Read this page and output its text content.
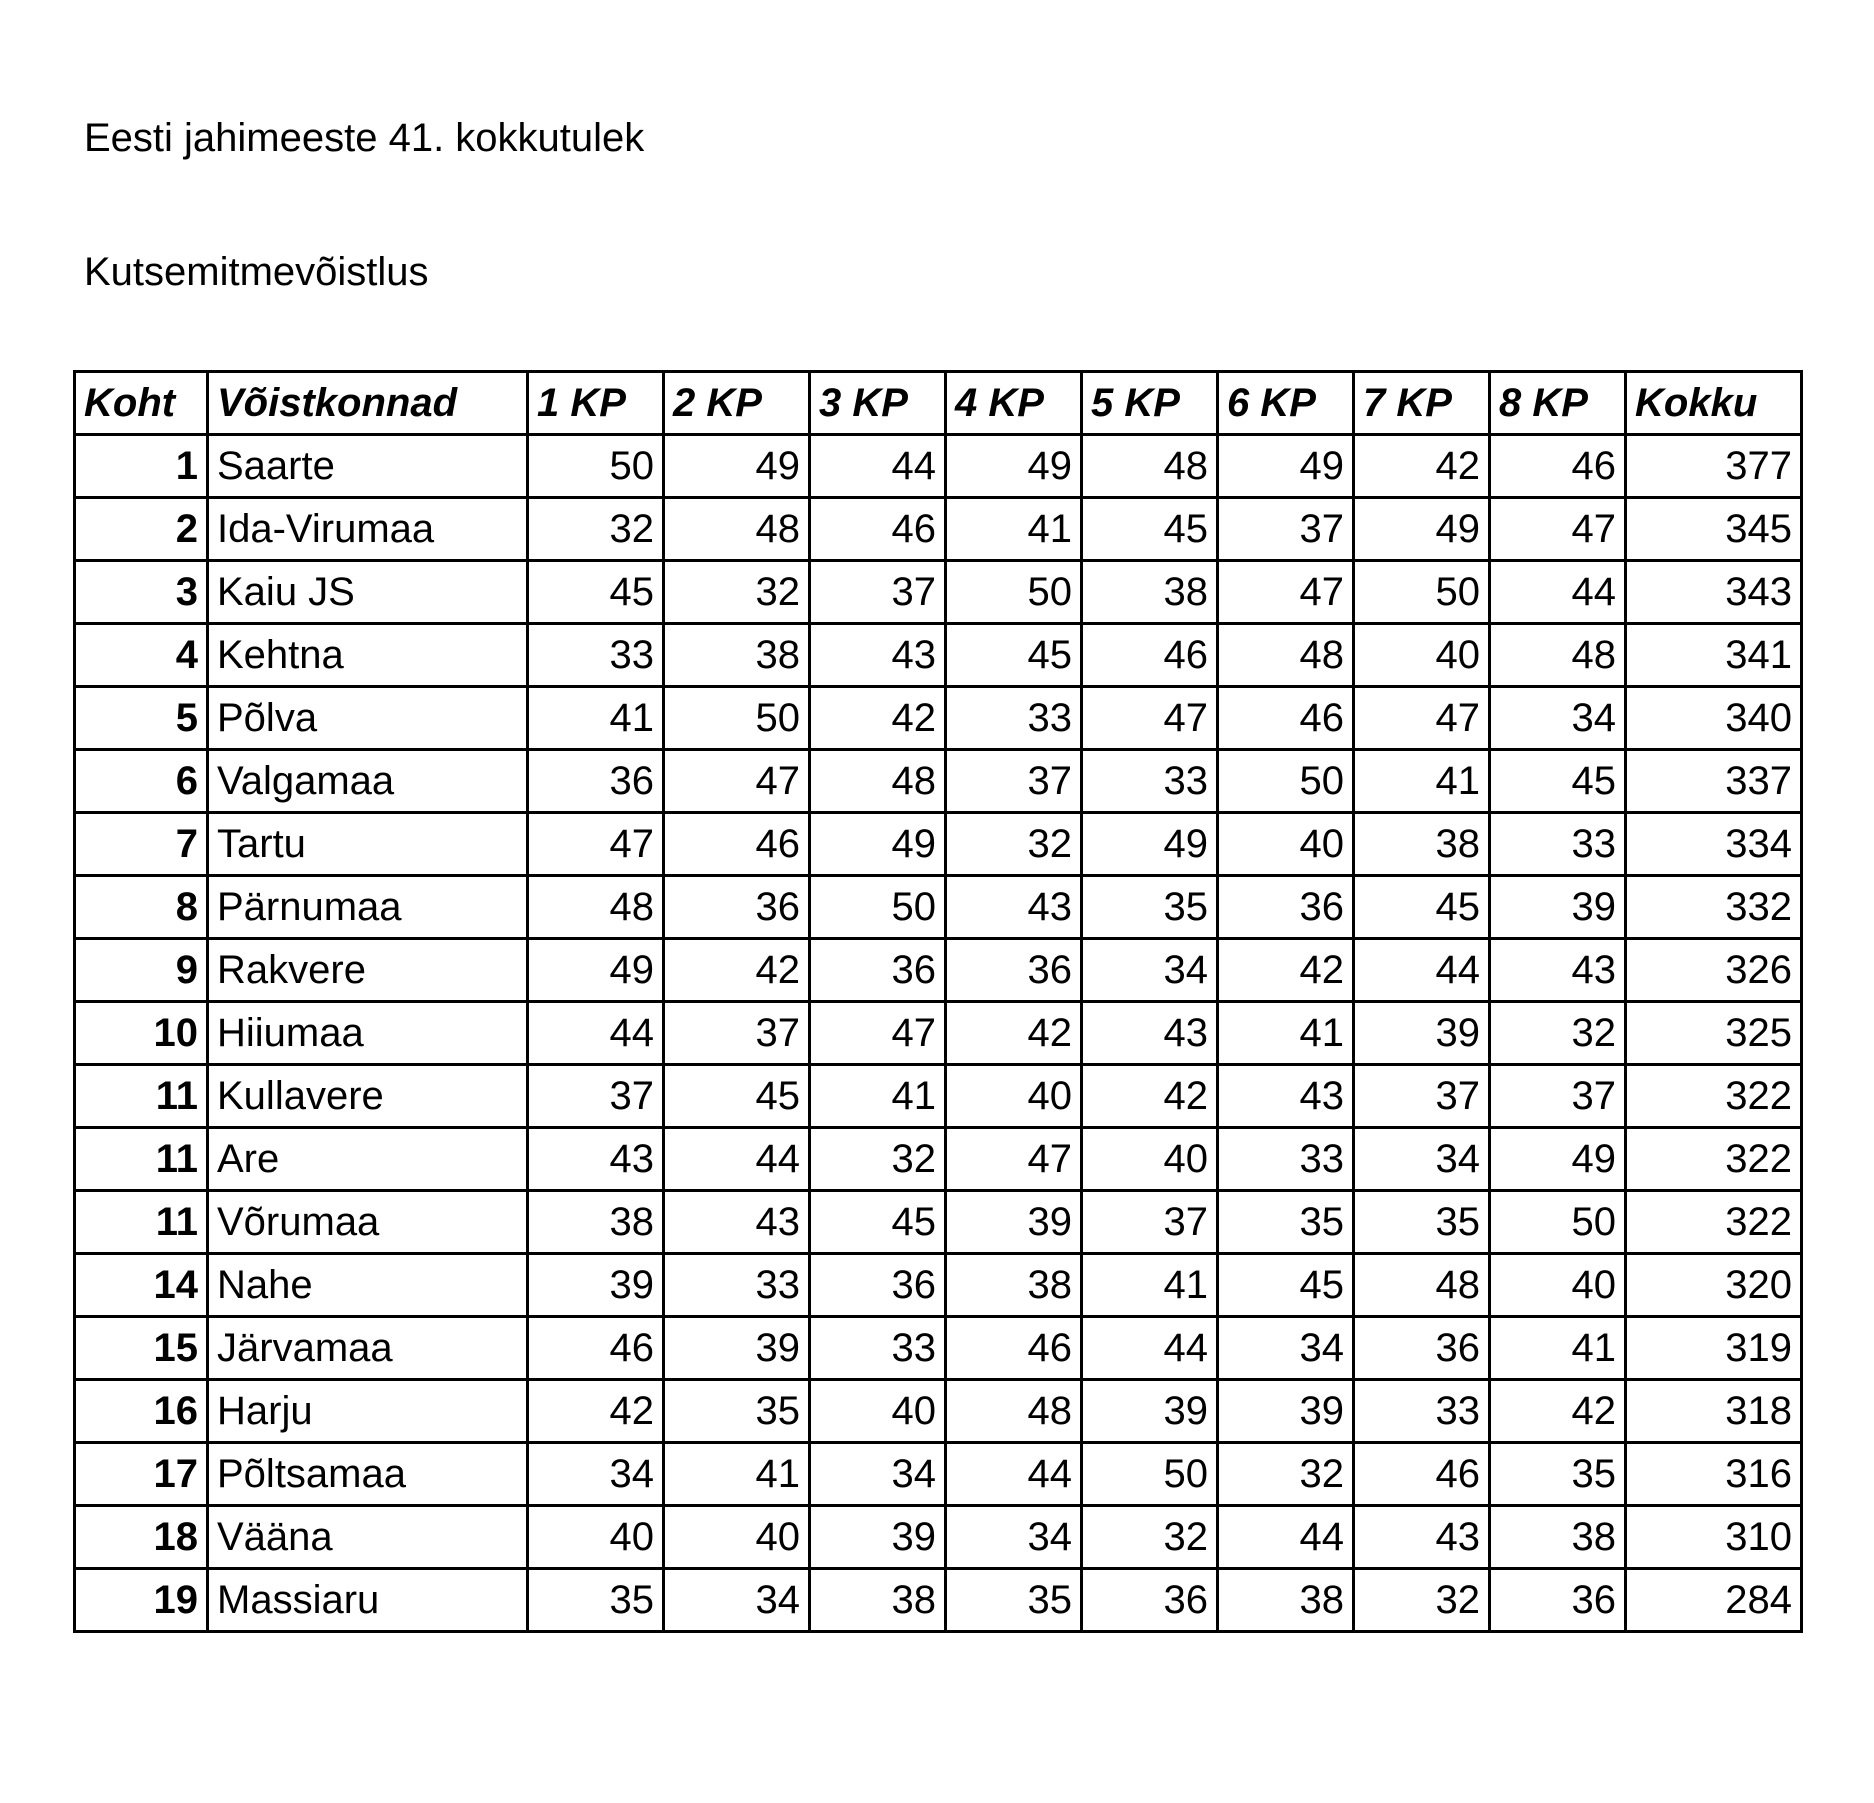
Eesti jahimeeste 41. kokkutulek
Kutsemitmevõistlus
Koht	Võistkonnad	1 KP	2 KP	3 KP	4 KP	5 KP	6 KP	7 KP	8 KP	Kokku
1	Saarte	50	49	44	49	48	49	42	46	377
2	Ida-Virumaa	32	48	46	41	45	37	49	47	345
3	Kaiu JS	45	32	37	50	38	47	50	44	343
4	Kehtna	33	38	43	45	46	48	40	48	341
5	Põlva	41	50	42	33	47	46	47	34	340
6	Valgamaa	36	47	48	37	33	50	41	45	337
7	Tartu	47	46	49	32	49	40	38	33	334
8	Pärnumaa	48	36	50	43	35	36	45	39	332
9	Rakvere	49	42	36	36	34	42	44	43	326
10	Hiiumaa	44	37	47	42	43	41	39	32	325
11	Kullavere	37	45	41	40	42	43	37	37	322
11	Are	43	44	32	47	40	33	34	49	322
11	Võrumaa	38	43	45	39	37	35	35	50	322
14	Nahe	39	33	36	38	41	45	48	40	320
15	Järvamaa	46	39	33	46	44	34	36	41	319
16	Harju	42	35	40	48	39	39	33	42	318
17	Põltsamaa	34	41	34	44	50	32	46	35	316
18	Vääna	40	40	39	34	32	44	43	38	310
19	Massiaru	35	34	38	35	36	38	32	36	284
